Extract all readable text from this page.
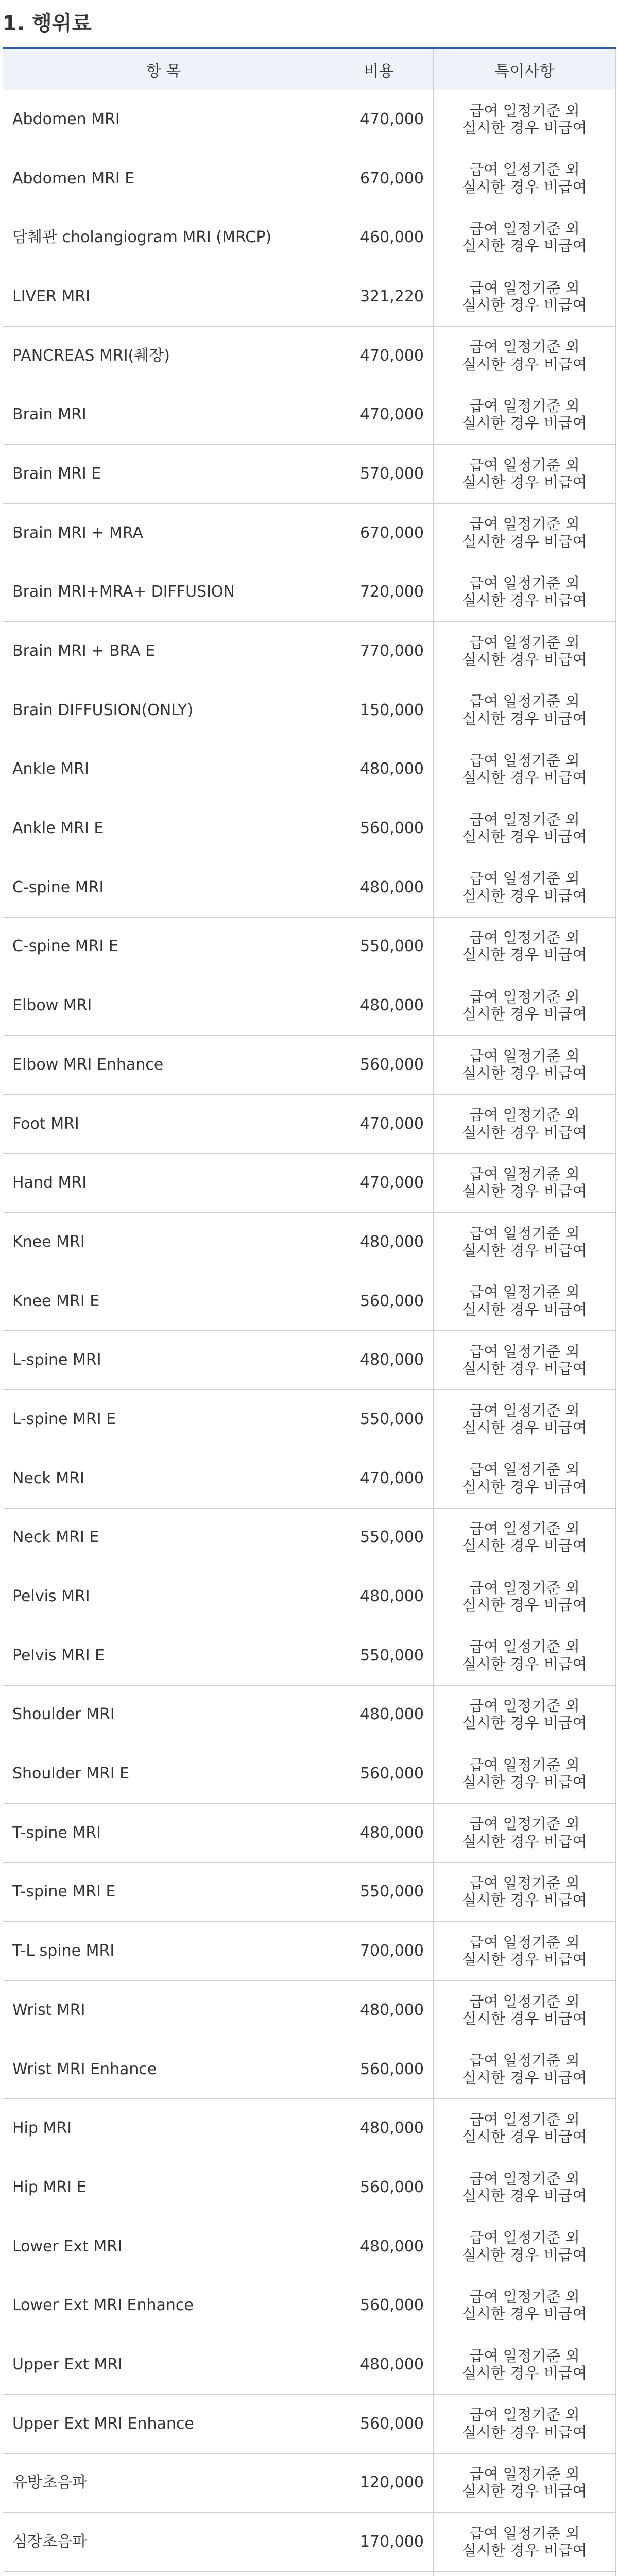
1. 행위료
항 목	비용	특이사항
Abdomen MRI	470,000	급여 일정기준 외
실시한 경우 비급여
Abdomen MRI E	670,000	급여 일정기준 외
실시한 경우 비급여
담췌관 cholangiogram MRI (MRCP)	460,000	급여 일정기준 외
실시한 경우 비급여
LIVER MRI	321,220	급여 일정기준 외
실시한 경우 비급여
PANCREAS MRI(췌장)	470,000	급여 일정기준 외
실시한 경우 비급여
Brain MRI	470,000	급여 일정기준 외
실시한 경우 비급여
Brain MRI E	570,000	급여 일정기준 외
실시한 경우 비급여
Brain MRI + MRA	670,000	급여 일정기준 외
실시한 경우 비급여
Brain MRI+MRA+ DIFFUSION	720,000	급여 일정기준 외
실시한 경우 비급여
Brain MRI + BRA E	770,000	급여 일정기준 외
실시한 경우 비급여
Brain DIFFUSION(ONLY)	150,000	급여 일정기준 외
실시한 경우 비급여
Ankle MRI	480,000	급여 일정기준 외
실시한 경우 비급여
Ankle MRI E	560,000	급여 일정기준 외
실시한 경우 비급여
C-spine MRI	480,000	급여 일정기준 외
실시한 경우 비급여
C-spine MRI E	550,000	급여 일정기준 외
실시한 경우 비급여
Elbow MRI	480,000	급여 일정기준 외
실시한 경우 비급여
Elbow MRI Enhance	560,000	급여 일정기준 외
실시한 경우 비급여
Foot MRI	470,000	급여 일정기준 외
실시한 경우 비급여
Hand MRI	470,000	급여 일정기준 외
실시한 경우 비급여
Knee MRI	480,000	급여 일정기준 외
실시한 경우 비급여
Knee MRI E	560,000	급여 일정기준 외
실시한 경우 비급여
L-spine MRI	480,000	급여 일정기준 외
실시한 경우 비급여
L-spine MRI E	550,000	급여 일정기준 외
실시한 경우 비급여
Neck MRI	470,000	급여 일정기준 외
실시한 경우 비급여
Neck MRI E	550,000	급여 일정기준 외
실시한 경우 비급여
Pelvis MRI	480,000	급여 일정기준 외
실시한 경우 비급여
Pelvis MRI E	550,000	급여 일정기준 외
실시한 경우 비급여
Shoulder MRI	480,000	급여 일정기준 외
실시한 경우 비급여
Shoulder MRI E	560,000	급여 일정기준 외
실시한 경우 비급여
T-spine MRI	480,000	급여 일정기준 외
실시한 경우 비급여
T-spine MRI E	550,000	급여 일정기준 외
실시한 경우 비급여
T-L spine MRI	700,000	급여 일정기준 외
실시한 경우 비급여
Wrist MRI	480,000	급여 일정기준 외
실시한 경우 비급여
Wrist MRI Enhance	560,000	급여 일정기준 외
실시한 경우 비급여
Hip MRI	480,000	급여 일정기준 외
실시한 경우 비급여
Hip MRI E	560,000	급여 일정기준 외
실시한 경우 비급여
Lower Ext MRI	480,000	급여 일정기준 외
실시한 경우 비급여
Lower Ext MRI Enhance	560,000	급여 일정기준 외
실시한 경우 비급여
Upper Ext MRI	480,000	급여 일정기준 외
실시한 경우 비급여
Upper Ext MRI Enhance	560,000	급여 일정기준 외
실시한 경우 비급여
유방초음파	120,000	급여 일정기준 외
실시한 경우 비급여
심장초음파	170,000	급여 일정기준 외
실시한 경우 비급여
